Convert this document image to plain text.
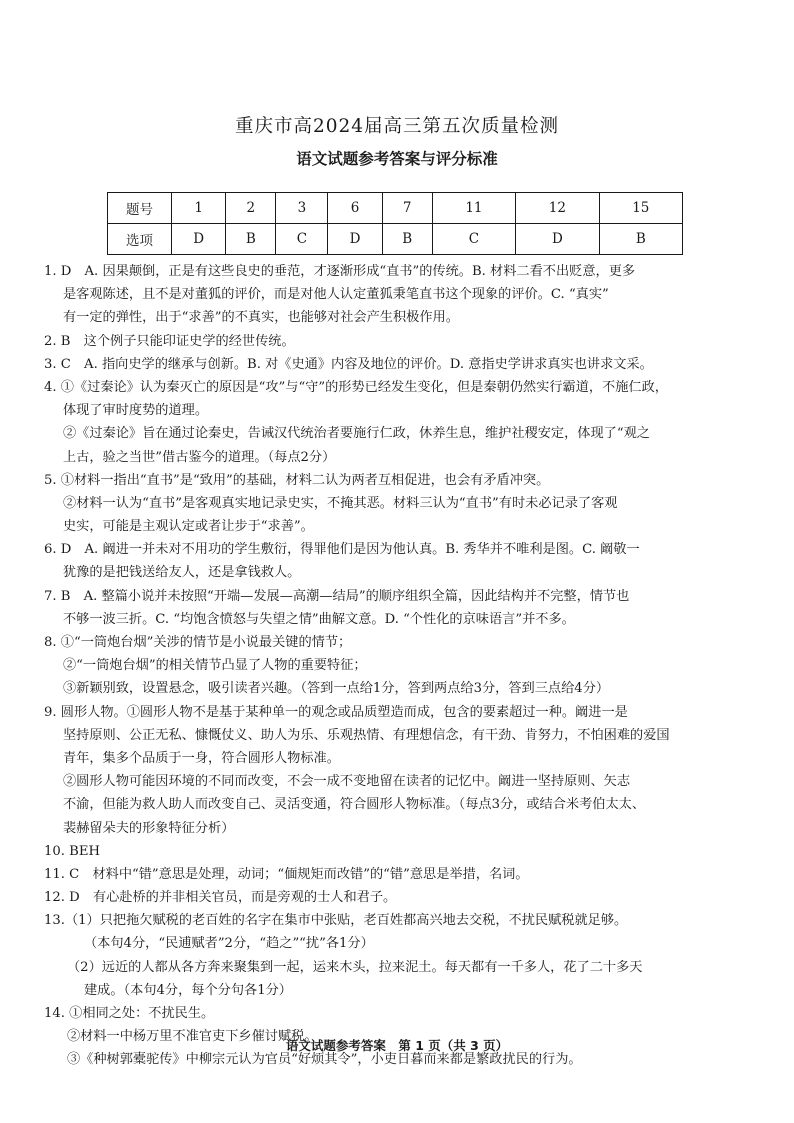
重庆市高2024届高三第五次质量检测
语文试题参考答案与评分标准
题号	1	2	3	6	7	11	12	15
选项	D	B	C	D	B	C	D	B
1. D　A. 因果颠倒，正是有这些良史的垂范，才逐渐形成“直书”的传统。B. 材料二看不出贬意，更多
是客观陈述，且不是对董狐的评价，而是对他人认定董狐秉笔直书这个现象的评价。C. “真实”
有一定的弹性，出于“求善”的不真实，也能够对社会产生积极作用。
2. B　这个例子只能印证史学的经世传统。
3. C　A. 指向史学的继承与创新。B. 对《史通》内容及地位的评价。D. 意指史学讲求真实也讲求文采。
4. ①《过秦论》认为秦灭亡的原因是“攻”与“守”的形势已经发生变化，但是秦朝仍然实行霸道，不施仁政，
体现了审时度势的道理。
②《过秦论》旨在通过论秦史，告诫汉代统治者要施行仁政，休养生息，维护社稷安定，体现了“观之
上古，验之当世”借古鉴今的道理。（每点2分）
5. ①材料一指出“直书”是“致用”的基础，材料二认为两者互相促进，也会有矛盾冲突。
②材料一认为“直书”是客观真实地记录史实，不掩其恶。材料三认为“直书”有时未必记录了客观
史实，可能是主观认定或者让步于“求善”。
6. D　A. 阚进一并未对不用功的学生敷衍，得罪他们是因为他认真。B. 秀华并不唯利是图。C. 阚敬一
犹豫的是把钱送给友人，还是拿钱救人。
7. B　A. 整篇小说并未按照“开端—发展—高潮—结局”的顺序组织全篇，因此结构并不完整，情节也
不够一波三折。C. “均饱含愤怒与失望之情”曲解文意。D. “个性化的京味语言”并不多。
8. ①“一筒炮台烟”关涉的情节是小说最关键的情节；
②“一筒炮台烟”的相关情节凸显了人物的重要特征；
③新颖别致，设置悬念，吸引读者兴趣。（答到一点给1分，答到两点给3分，答到三点给4分）
9. 圆形人物。①圆形人物不是基于某种单一的观念或品质塑造而成，包含的要素超过一种。阚进一是
坚持原则、公正无私、慷慨仗义、助人为乐、乐观热情、有理想信念，有干劲、肯努力，不怕困难的爱国
青年，集多个品质于一身，符合圆形人物标准。
②圆形人物可能因环境的不同而改变，不会一成不变地留在读者的记忆中。阚进一坚持原则、矢志
不渝，但能为救人助人而改变自己、灵活变通，符合圆形人物标准。（每点3分，或结合米考伯太太、
裴赫留朵夫的形象特征分析）
10. BEH
11. C　材料中“错”意思是处理，动词；“偭规矩而改错”的“错”意思是举措，名词。
12. D　有心赴桥的并非相关官员，而是旁观的士人和君子。
13.（1）只把拖欠赋税的老百姓的名字在集市中张贴，老百姓都高兴地去交税，不扰民赋税就足够。
（本句4分，“民逋赋者”2分，“趋之”“扰”各1分）
（2）远近的人都从各方奔来聚集到一起，运来木头，拉来泥土。每天都有一千多人，花了二十多天
建成。（本句4分，每个分句各1分）
14. ①相同之处：不扰民生。
②材料一中杨万里不准官吏下乡催讨赋税。
③《种树郭橐驼传》中柳宗元认为官员“好烦其令”，小吏日暮而来都是繁政扰民的行为。
语文试题参考答案　第 1 页（共 3 页）
